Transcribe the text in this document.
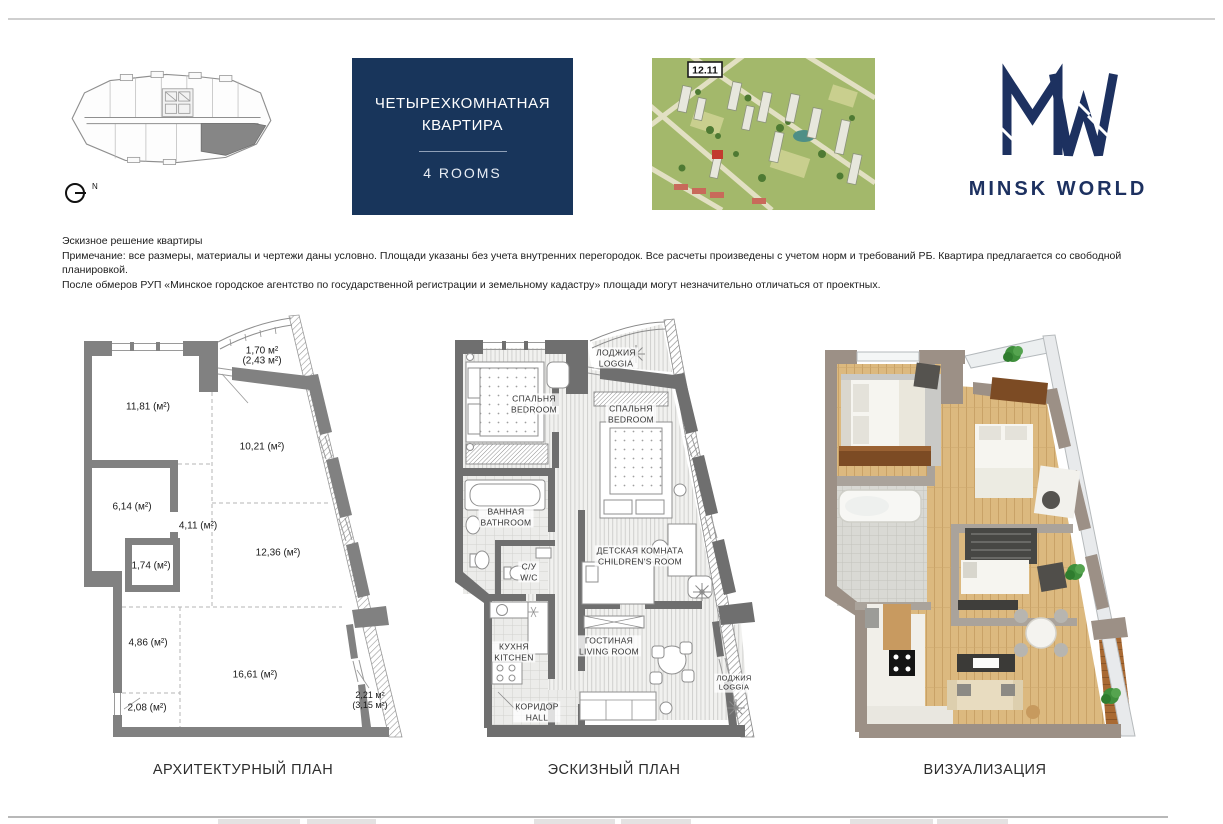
N
ЧЕТЫРЕХКОМНАТНАЯ
КВАРТИРА
4 ROOMS
12.11
MINSK WORLD
Эскизное решение квартиры
Примечание: все размеры, материалы и чертежи даны условно. Площади указаны без учета внутренних перегородок. Все расчеты произведены с учетом норм и требований РБ. Квартира предлагается со свободной планировкой.
После обмеров РУП «Минское городское агентство по государственной регистрации и земельному кадастру» площади могут незначительно отличаться от проектных.
11,81 (м²)
1,70 м²
(2,43 м²)
10,21 (м²)
6,14 (м²)
4,11 (м²)
1,74 (м²)
12,36 (м²)
4,86 (м²)
16,61 (м²)
2,08 (м²)
2,21 м²
(3,15 м²)
СПАЛЬНЯ
BEDROOM
ЛОДЖИЯ
LOGGIA
СПАЛЬНЯ
BEDROOM
ВАННАЯ
BATHROOM
С/У
W/C
ДЕТСКАЯ КОМНАТА
CHILDREN'S ROOM
КУХНЯ
KITCHEN
ГОСТИНАЯ
LIVING ROOM
КОРИДОР
HALL
ЛОДЖИЯ
LOGGIA
АРХИТЕКТУРНЫЙ ПЛАН	ЭСКИЗНЫЙ ПЛАН	ВИЗУАЛИЗАЦИЯ
